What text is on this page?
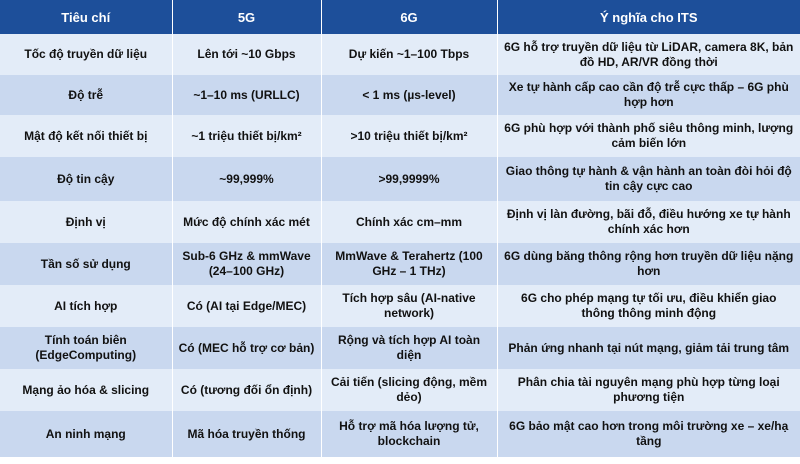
Tiêu chí	5G	6G	Ý nghĩa cho ITS
Tốc độ truyền dữ liệu	Lên tới ~10 Gbps	Dự kiến ~1–100 Tbps	6G hỗ trợ truyền dữ liệu từ LiDAR, camera 8K, bản đồ HD, AR/VR đồng thời
Độ trễ	~1–10 ms (URLLC)	< 1 ms (µs-level)	Xe tự hành cấp cao cần độ trễ cực thấp – 6G phù hợp hơn
Mật độ kết nối thiết bị	~1 triệu thiết bị/km²	>10 triệu thiết bị/km²	6G phù hợp với thành phố siêu thông minh, lượng cảm biến lớn
Độ tin cậy	~99,999%	>99,9999%	Giao thông tự hành & vận hành an toàn đòi hỏi độ tin cậy cực cao
Định vị	Mức độ chính xác mét	Chính xác cm–mm	Định vị làn đường, bãi đỗ, điều hướng xe tự hành chính xác hơn
Tần số sử dụng	Sub-6 GHz & mmWave (24–100 GHz)	MmWave & Terahertz (100 GHz – 1 THz)	6G dùng băng thông rộng hơn truyền dữ liệu nặng hơn
AI tích hợp	Có (AI tại Edge/MEC)	Tích hợp sâu (AI-native network)	6G cho phép mạng tự tối ưu, điều khiển giao thông thông minh động
Tính toán biên (EdgeComputing)	Có (MEC hỗ trợ cơ bản)	Rộng và tích hợp AI toàn diện	Phản ứng nhanh tại nút mạng, giảm tải trung tâm
Mạng ảo hóa & slicing	Có (tương đối ổn định)	Cải tiến (slicing động, mềm dẻo)	Phân chia tài nguyên mạng phù hợp từng loại phương tiện
An ninh mạng	Mã hóa truyền thống	Hỗ trợ mã hóa lượng tử, blockchain	6G bảo mật cao hơn trong môi trường xe – xe/hạ tầng
